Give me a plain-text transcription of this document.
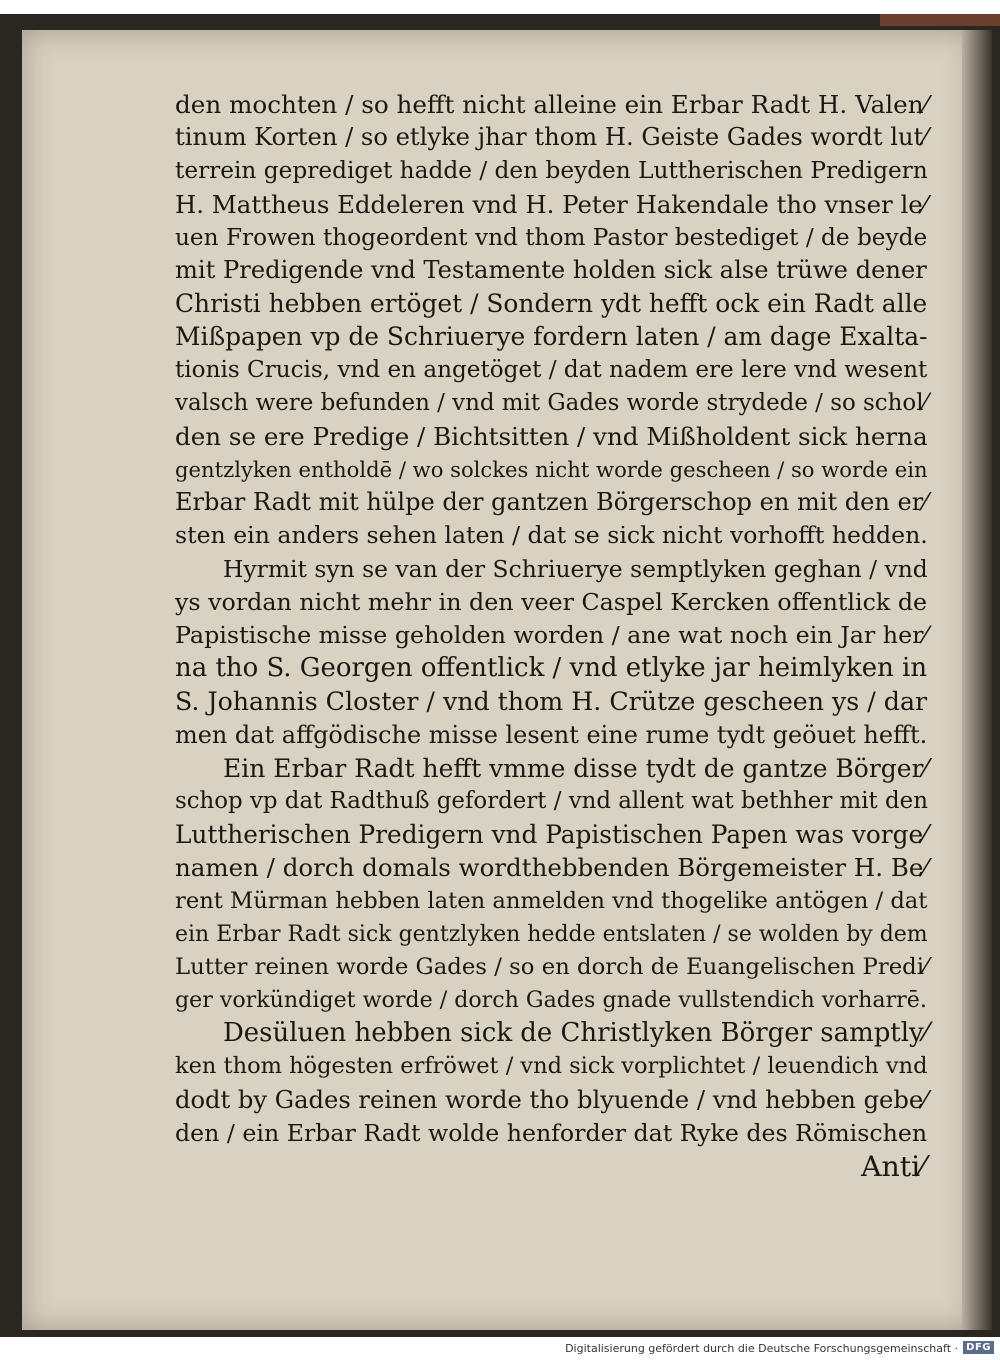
den mochten / so hefft nicht alleine ein Erbar Radt H. Valen⁄
tinum Korten / so etlyke jhar thom H. Geiste Gades wordt lut⁄
terrein geprediget hadde / den beyden Luttherischen Predigern
H. Mattheus Eddeleren vnd H. Peter Hakendale tho vnser le⁄
uen Frowen thogeordent vnd thom Pastor bestediget / de beyde
mit Predigende vnd Testamente holden sick alse trüwe dener
Christi hebben ertöget / Sondern ydt hefft ock ein Radt alle
Mißpapen vp de Schriuerye fordern laten / am dage Exalta-
tionis Crucis, vnd en angetöget / dat nadem ere lere vnd wesent
valsch were befunden / vnd mit Gades worde strydede / so schol⁄
den se ere Predige / Bichtsitten / vnd Mißholdent sick herna
gentzlyken entholdē / wo solckes nicht worde gescheen / so worde ein
Erbar Radt mit hülpe der gantzen Börgerschop en mit den er⁄
sten ein anders sehen laten / dat se sick nicht vorhofft hedden.
Hyrmit syn se van der Schriuerye semptlyken geghan / vnd
ys vordan nicht mehr in den veer Caspel Kercken offentlick de
Papistische misse geholden worden / ane wat noch ein Jar her⁄
na tho S. Georgen offentlick / vnd etlyke jar heimlyken in
S. Johannis Closter / vnd thom H. Crütze gescheen ys / dar
men dat affgödische misse lesent eine rume tydt geöuet hefft.
Ein Erbar Radt hefft vmme disse tydt de gantze Börger⁄
schop vp dat Radthuß gefordert / vnd allent wat bethher mit den
Luttherischen Predigern vnd Papistischen Papen was vorge⁄
namen / dorch domals wordthebbenden Börgemeister H. Be⁄
rent Mürman hebben laten anmelden vnd thogelike antögen / dat
ein Erbar Radt sick gentzlyken hedde entslaten / se wolden by dem
Lutter reinen worde Gades / so en dorch de Euangelischen Predi⁄
ger vorkündiget worde / dorch Gades gnade vullstendich vorharrē.
Desüluen hebben sick de Christlyken Börger samptly⁄
ken thom högesten erfröwet / vnd sick vorplichtet / leuendich vnd
dodt by Gades reinen worde tho blyuende / vnd hebben gebe⁄
den / ein Erbar Radt wolde henforder dat Ryke des Römischen
Anti⁄
Digitalisierung gefördert durch die Deutsche Forschungsgemeinschaft · DFG
